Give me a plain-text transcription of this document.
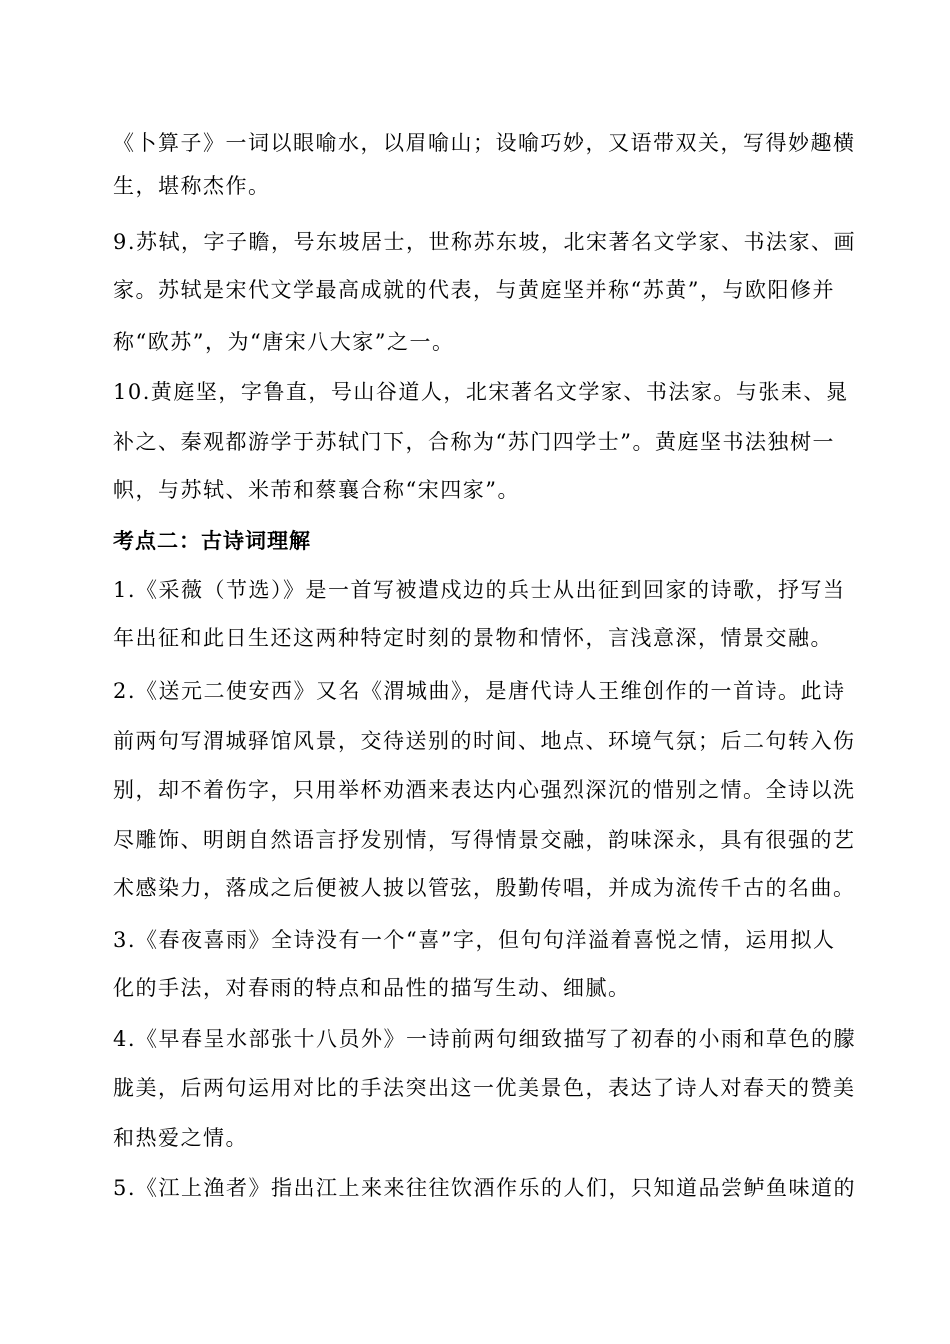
《卜算子》一词以眼喻水，以眉喻山；设喻巧妙，又语带双关，写得妙趣横
生，堪称杰作。
9.苏轼，字子瞻，号东坡居士，世称苏东坡，北宋著名文学家、书法家、画
家。苏轼是宋代文学最高成就的代表，与黄庭坚并称“苏黄”，与欧阳修并
称“欧苏”，为“唐宋八大家”之一。
10.黄庭坚，字鲁直，号山谷道人，北宋著名文学家、书法家。与张耒、晁
补之、秦观都游学于苏轼门下，合称为“苏门四学士”。黄庭坚书法独树一
帜，与苏轼、米芾和蔡襄合称“宋四家”。
考点二：古诗词理解
1.《采薇（节选）》是一首写被遣戍边的兵士从出征到回家的诗歌，抒写当
年出征和此日生还这两种特定时刻的景物和情怀，言浅意深，情景交融。
2.《送元二使安西》又名《渭城曲》，是唐代诗人王维创作的一首诗。此诗
前两句写渭城驿馆风景，交待送别的时间、地点、环境气氛；后二句转入伤
别，却不着伤字，只用举杯劝酒来表达内心强烈深沉的惜别之情。全诗以洗
尽雕饰、明朗自然语言抒发别情，写得情景交融，韵味深永，具有很强的艺
术感染力，落成之后便被人披以管弦，殷勤传唱，并成为流传千古的名曲。
3.《春夜喜雨》全诗没有一个“喜”字，但句句洋溢着喜悦之情，运用拟人
化的手法，对春雨的特点和品性的描写生动、细腻。
4.《早春呈水部张十八员外》一诗前两句细致描写了初春的小雨和草色的朦
胧美，后两句运用对比的手法突出这一优美景色，表达了诗人对春天的赞美
和热爱之情。
5.《江上渔者》指出江上来来往往饮酒作乐的人们，只知道品尝鲈鱼味道的
